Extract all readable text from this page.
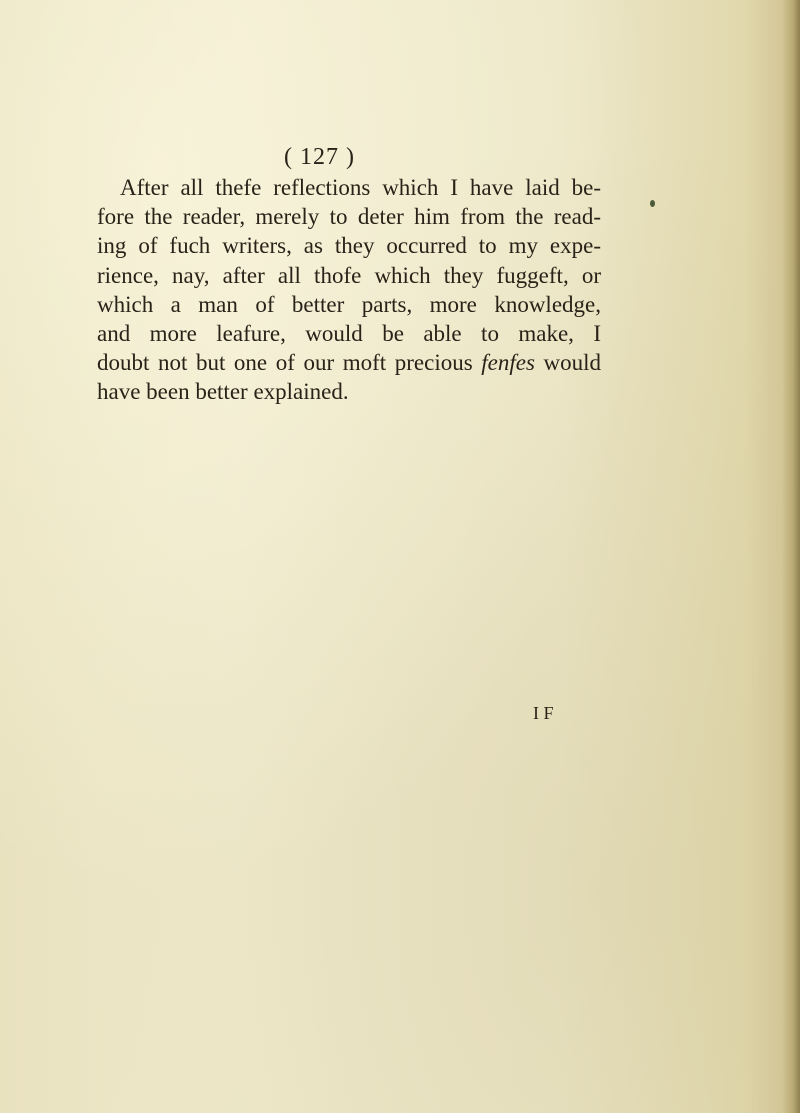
( 127 )
After all thefe reflections which I have laid be-
fore the reader, merely to deter him from the read-
ing of fuch writers, as they occurred to my expe-
rience, nay, after all thofe which they fuggeft, or
which a man of better parts, more knowledge,
and more leafure, would be able to make, I
doubt not but one of our moft precious fenfes would
have been better explained.
I F
